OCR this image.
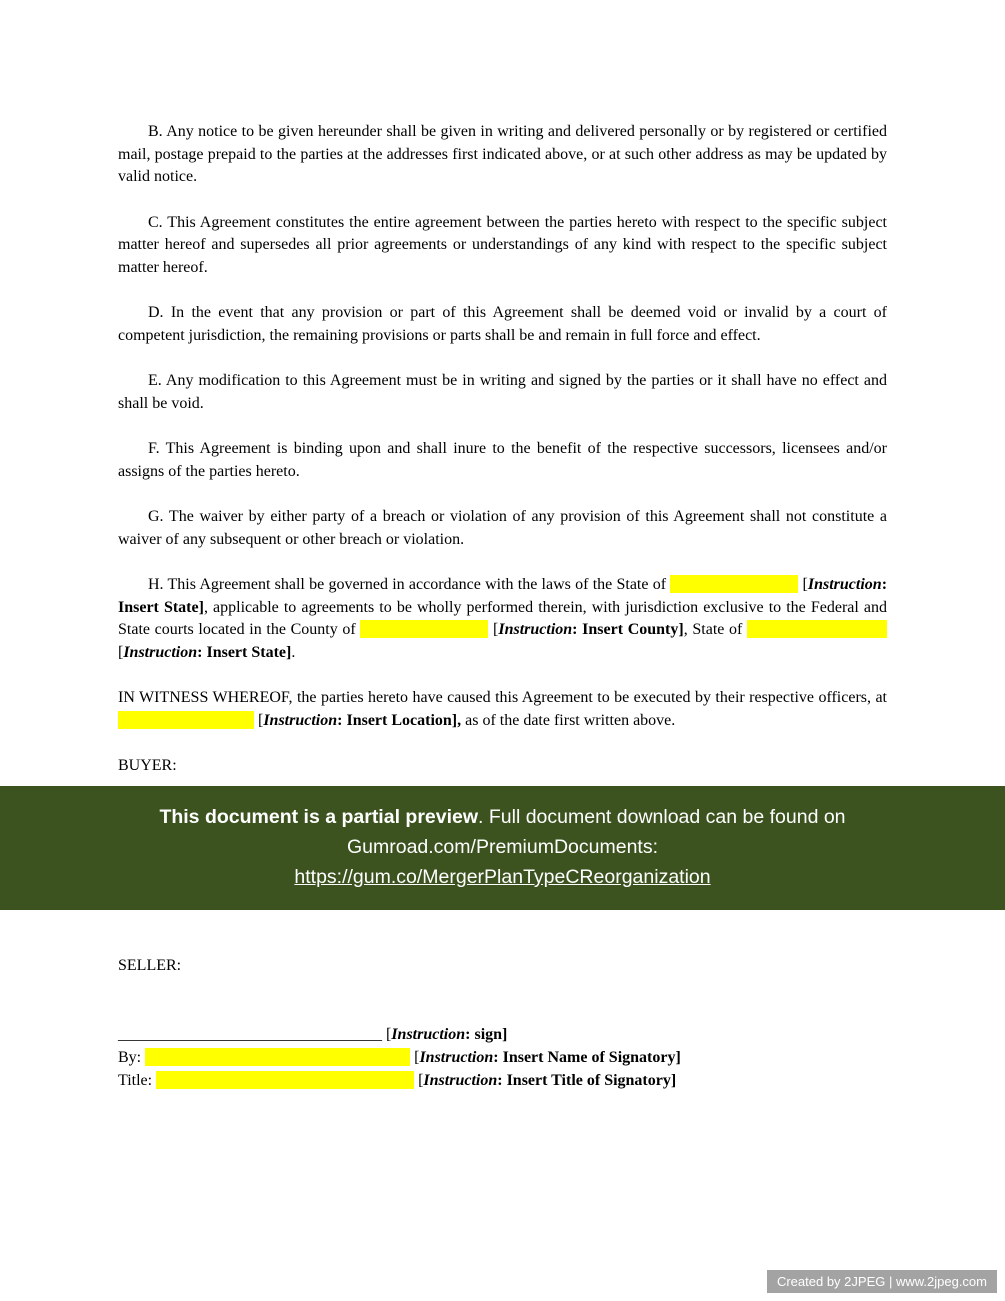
B. Any notice to be given hereunder shall be given in writing and delivered personally or by registered or certified mail, postage prepaid to the parties at the addresses first indicated above, or at such other address as may be updated by valid notice.

C. This Agreement constitutes the entire agreement between the parties hereto with respect to the specific subject matter hereof and supersedes all prior agreements or understandings of any kind with respect to the specific subject matter hereof.

D. In the event that any provision or part of this Agreement shall be deemed void or invalid by a court of competent jurisdiction, the remaining provisions or parts shall be and remain in full force and effect.

E. Any modification to this Agreement must be in writing and signed by the parties or it shall have no effect and shall be void.

F. This Agreement is binding upon and shall inure to the benefit of the respective successors, licensees and/or assigns of the parties hereto.

G. The waiver by either party of a breach or violation of any provision of this Agreement shall not constitute a waiver of any subsequent or other breach or violation.

H. This Agreement shall be governed in accordance with the laws of the State of	[Instruction: Insert State], applicable to agreements to be wholly performed therein, with jurisdiction exclusive to the Federal and State courts located in the County of	[Instruction: Insert County], State of  [Instruction: Insert State].

IN WITNESS WHEREOF, the parties hereto have caused this Agreement to be executed by their respective officers, at  [Instruction: Insert Location], as of the date first written above.

BUYER:

This document is a partial preview. Full document download can be found on Gumroad.com/PremiumDocuments:
https://gum.co/MergerPlanTypeCReorganization

SELLER:

_________________________________ [Instruction: sign]

By:	[Instruction: Insert Name of Signatory]

Title:	[Instruction: Insert Title of Signatory]

Created by 2JPEG | www.2jpeg.com
